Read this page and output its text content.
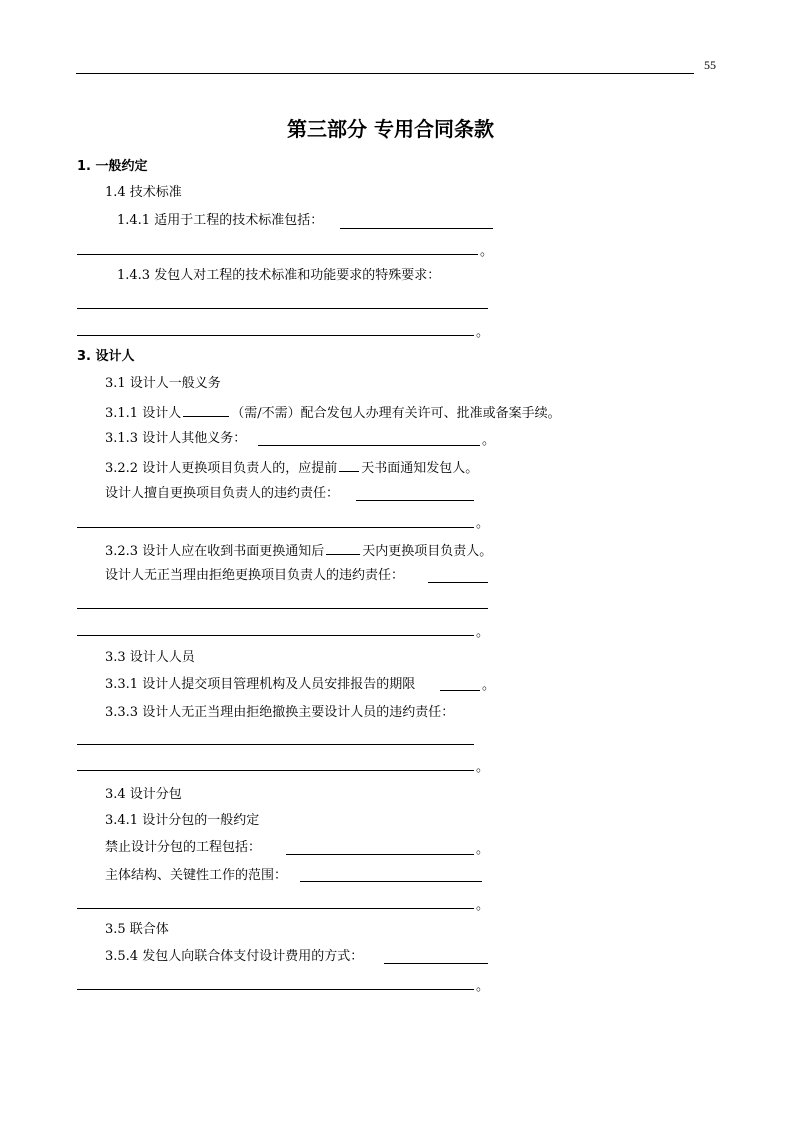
55
第三部分 专用合同条款
1. 一般约定
1.4 技术标准
1.4.1 适用于工程的技术标准包括：
。
1.4.3 发包人对工程的技术标准和功能要求的特殊要求：
。
3. 设计人
3.1 设计人一般义务
3.1.1 设计人	（需/不需）配合发包人办理有关许可、批准或备案手续。
3.1.3 设计人其他义务：	。
3.2.2 设计人更换项目负责人的，应提前 天书面通知发包人。
设计人擅自更换项目负责人的违约责任：
。
3.2.3 设计人应在收到书面更换通知后	天内更换项目负责人。
设计人无正当理由拒绝更换项目负责人的违约责任：
。
3.3 设计人人员
3.3.1 设计人提交项目管理机构及人员安排报告的期限	。
3.3.3 设计人无正当理由拒绝撤换主要设计人员的违约责任：
。
3.4 设计分包
3.4.1 设计分包的一般约定
禁止设计分包的工程包括：	。
主体结构、关键性工作的范围：
。
3.5 联合体
3.5.4 发包人向联合体支付设计费用的方式：
。
